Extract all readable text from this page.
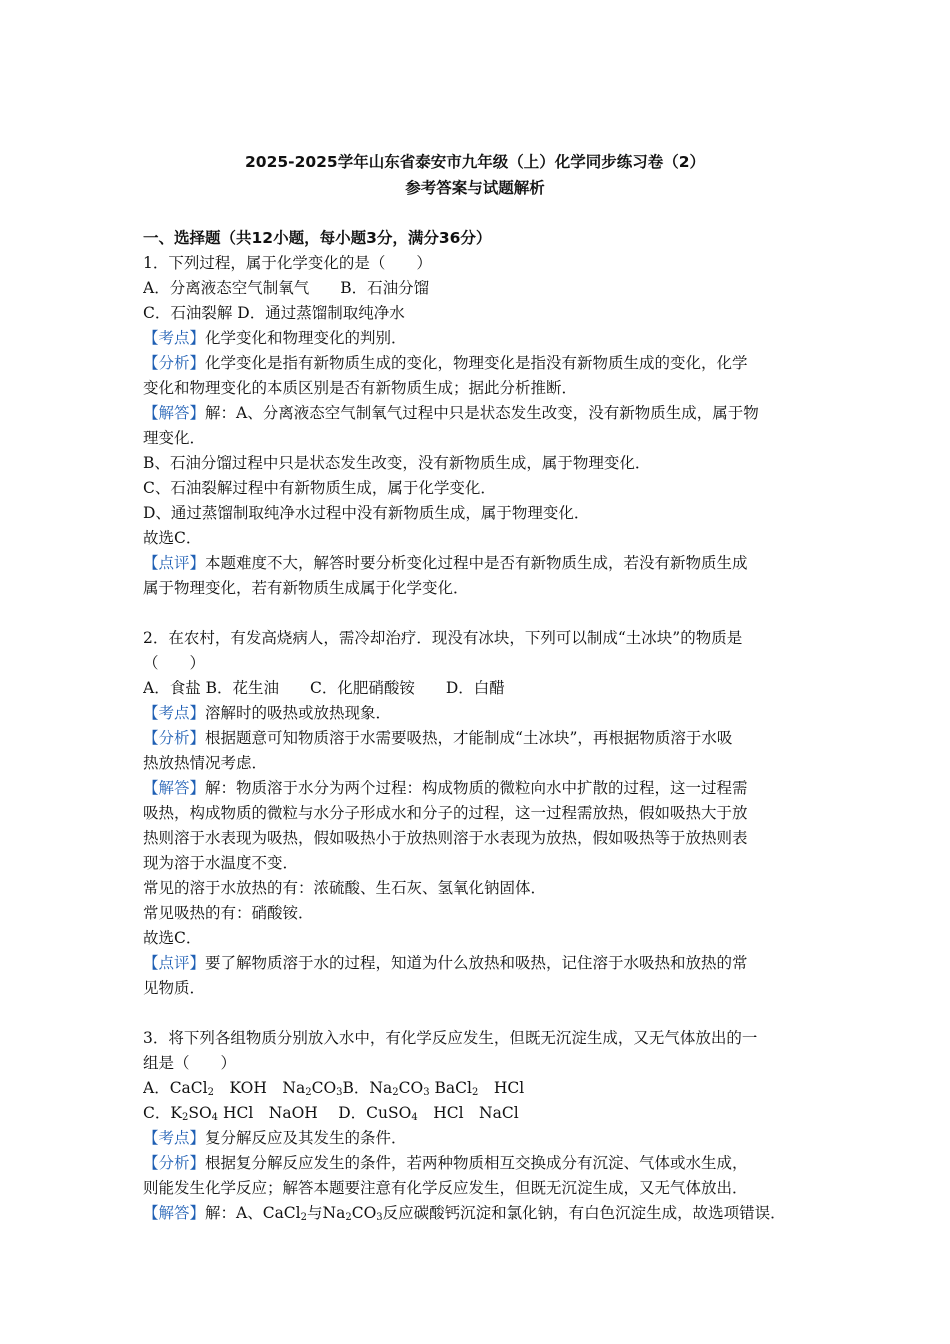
2025-2025学年山东省泰安市九年级（上）化学同步练习卷（2）
参考答案与试题解析
一、选择题（共12小题，每小题3分，满分36分）
1．下列过程，属于化学变化的是（　　）
A．分离液态空气制氧气　　B．石油分馏
C．石油裂解 D．通过蒸馏制取纯净水
【考点】化学变化和物理变化的判别．
【分析】化学变化是指有新物质生成的变化，物理变化是指没有新物质生成的变化，化学
变化和物理变化的本质区别是否有新物质生成；据此分析推断．
【解答】解：A、分离液态空气制氧气过程中只是状态发生改变，没有新物质生成，属于物
理变化．
B、石油分馏过程中只是状态发生改变，没有新物质生成，属于物理变化．
C、石油裂解过程中有新物质生成，属于化学变化．
D、通过蒸馏制取纯净水过程中没有新物质生成，属于物理变化．
故选C．
【点评】本题难度不大，解答时要分析变化过程中是否有新物质生成，若没有新物质生成
属于物理变化，若有新物质生成属于化学变化．
2．在农村，有发高烧病人，需冷却治疗．现没有冰块，下列可以制成“土冰块”的物质是
（　　）
A．食盐 B．花生油　　C．化肥硝酸铵　　D．白醋
【考点】溶解时的吸热或放热现象．
【分析】根据题意可知物质溶于水需要吸热，才能制成“土冰块”，再根据物质溶于水吸
热放热情况考虑．
【解答】解：物质溶于水分为两个过程：构成物质的微粒向水中扩散的过程，这一过程需
吸热，构成物质的微粒与水分子形成水和分子的过程，这一过程需放热，假如吸热大于放
热则溶于水表现为吸热，假如吸热小于放热则溶于水表现为放热，假如吸热等于放热则表
现为溶于水温度不变．
常见的溶于水放热的有：浓硫酸、生石灰、氢氧化钠固体．
常见吸热的有：硝酸铵．
故选C．
【点评】要了解物质溶于水的过程，知道为什么放热和吸热，记住溶于水吸热和放热的常
见物质．
3．将下列各组物质分别放入水中，有化学反应发生，但既无沉淀生成，又无气体放出的一
组是（　　）
A．CaCl$_2$　KOH　$Na_2CO_3B$．$Na_2CO_3$ BaCl$_2$　HCl
C．$K_2SO_4$ HCl　NaOH　 D．CuSO$_4$　HCl　NaCl
【考点】复分解反应及其发生的条件．
【分析】根据复分解反应发生的条件，若两种物质相互交换成分有沉淀、气体或水生成，
则能发生化学反应；解答本题要注意有化学反应发生，但既无沉淀生成，又无气体放出．
【解答】解：A、CaCl$_2$与$Na_2CO_3$反应碳酸钙沉淀和氯化钠，有白色沉淀生成，故选项错误．
